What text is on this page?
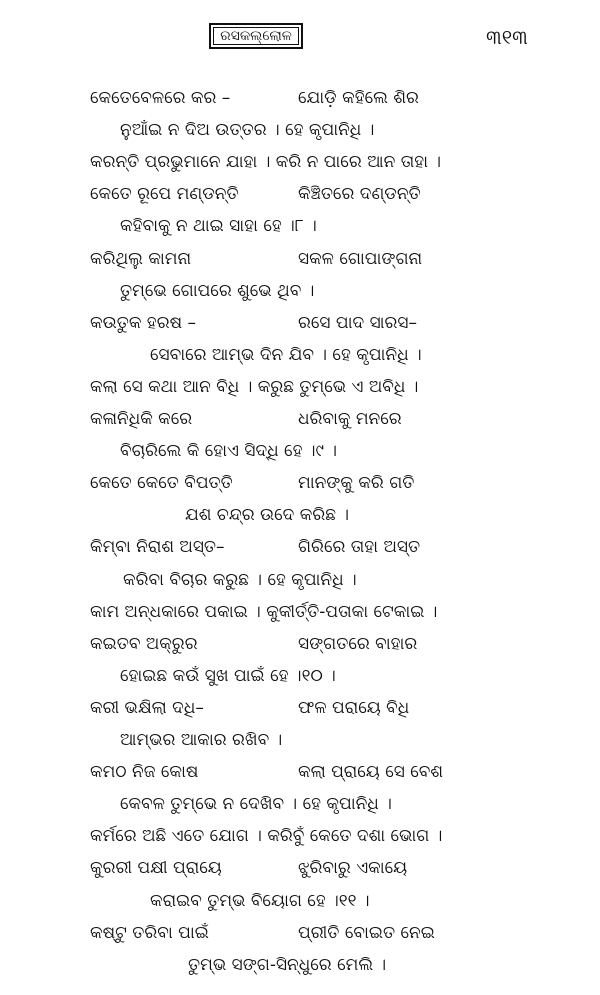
ରସକଲ୍ଲୋଳ	୩୧୩
କେତେବେଳରେ କର –	ଯୋଡ଼ି କହିଲେ ଶିର
ନୁଆଁଇ ନ ଦିଅ ଉତ୍ତର । ହେ କୃପାନିଧି ।
କରନ୍ତି ପ୍ରଭୁମାନେ ଯାହା । କରି ନ ପାରେ ଆନ ତାହା ।
କେତେ ରୂପେ ମଣ୍ଡନ୍ତି	କିଞ୍ଚିତରେ ଦଣ୍ଡନ୍ତି
କହିବାକୁ ନ ଥାଇ ସାହା ହେ ।୮ ।
କରିଥିଲୁ କାମନା	ସକଳ ଗୋପାଙ୍ଗନା
ତୁମ୍ଭେ ଗୋପରେ ଶୁଭେ ଥିବ ।
କଉତୁକ ହରଷ –	ରସେ ପାଦ ସାରସ–
ସେବାରେ ଆମ୍ଭ ଦିନ ଯିବ । ହେ କୃପାନିଧି ।
କଲା ସେ କଥା ଆନ ବିଧି । କରୁଛ ତୁମ୍ଭେ ଏ ଅବିଧି ।
କଳାନିଧିକି କରେ	ଧରିବାକୁ ମନରେ
ବିଚାରିଲେ କି ହୋଏ ସିଦ୍ଧି ହେ ।୯ ।
କେତେ କେତେ ବିପତ୍ତି	ମାନଙ୍କୁ କରି ଗତି
ଯଶ ଚନ୍ଦ୍ର ଉଦେ କରିଛ ।
କିମ୍ବା ନିରାଶ ଅସ୍ତ–	ଗିରିରେ ତାହା ଅସ୍ତ
କରିବା ବିଚାର କରୁଛ । ହେ କୃପାନିଧି ।
କାମ ଅନ୍ଧକାରେ ପକାଇ । କୁକୀର୍ତ୍ତି-ପତାକା ଟେକାଇ ।
କଇତବ ଅକ୍ରୁର	ସଙ୍ଗତରେ ବାହାର
ହୋଇଛ କଉଁ ସୁଖ ପାଇଁ ହେ ।୧୦ ।
କରୀ ଭକ୍ଷିଲା ଦଧି–	ଫଳ ପରାୟେ ବିଧି
ଆମ୍ଭର ଆକାର ରଖିବ ।
କମଠ ନିଜ କୋଷ	କଲା ପ୍ରାୟେ ସେ ବେଶ
କେବଳ ତୁମ୍ଭେ ନ ଦେଖିବ । ହେ କୃପାନିଧି ।
କର୍ମରେ ଅଛି ଏତେ ଯୋଗ । କରିବୁଁ କେତେ ଦଶା ଭୋଗ ।
କୁରରୀ ପକ୍ଷୀ ପ୍ରାୟେ	ଝୁରିବାରୁ ଏକାୟେ
କରାଇବ ତୁମ୍ଭ ବିୟୋଗ ହେ ।୧୧ ।
କଷ୍ଟୁ ତରିବା ପାଇଁ	ପ୍ରୀତି ବୋଇତ ନେଇ
ତୁମ୍ଭ ସଙ୍ଗ-ସିନ୍ଧୁରେ ମେଲି ।
